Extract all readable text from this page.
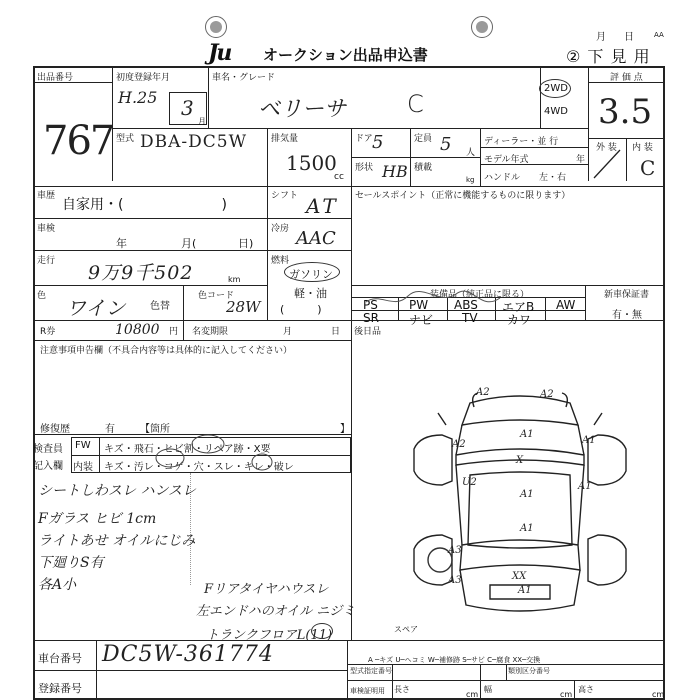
Ju オークション出品申込書
月 日	AA
② 下 見 用
出品番号
767
初度登録年月
H.25 3
月
車名・グレード
ベリーサ	C
2WD
4WD
評 価 点
3.5
外 装 内 装
C
型式 DBA-DC5W	排気量
1500
cc
ドア 5	定員 5 人
ディーラー・並 行
モデル年式	年
ハンドル 左・右
形状 HB 積載
kg
車歴
自家用・(　　　　　　　)
シフト AT セールスポイント（正常に機能するものに限ります）
車検
年	月(	日)
冷房 AAC
走行
9万9千502	km
燃料
ガソリン
軽・油
(　　　)
色 ワイン 色替
色コード
28W
装備品（純正品に限る）	新車保証書
有・無
PS	PW ABS エアB AW
SR	ナビ TV カワ
R券	10800 円 名変期限	月	日 後日品
注意事項申告欄（不具合内容等は具体的に記入してください）
修復歴	有	【箇所	】
検査員
記入欄
FW キズ・飛石・ヒビ割・リペア跡・X要
内装 キズ・汚レ・コゲ・穴・スレ・キレ・破レ
シートしわスレ ハンスレ
Fガラス ヒビ 1cm
ライトあせ オイルにじみ
下廻りS有
各A小	Fリアタイヤハウスレ
左エンドハのオイル ニジミ
トランクフロアL(11)
A2
A1
A2	A1
A1
X
U2	A1
A1
A2
A3
A3	XX
A1
スペア
A ─キズ U─ヘコミ W─補修跡 S─サビ C─腐食 XX─交換
車台番号 DC5W-361774
登録番号
型式指定番号	類別区分番号
車検証明用 長さ
cm
幅
cm
高さ
cm
